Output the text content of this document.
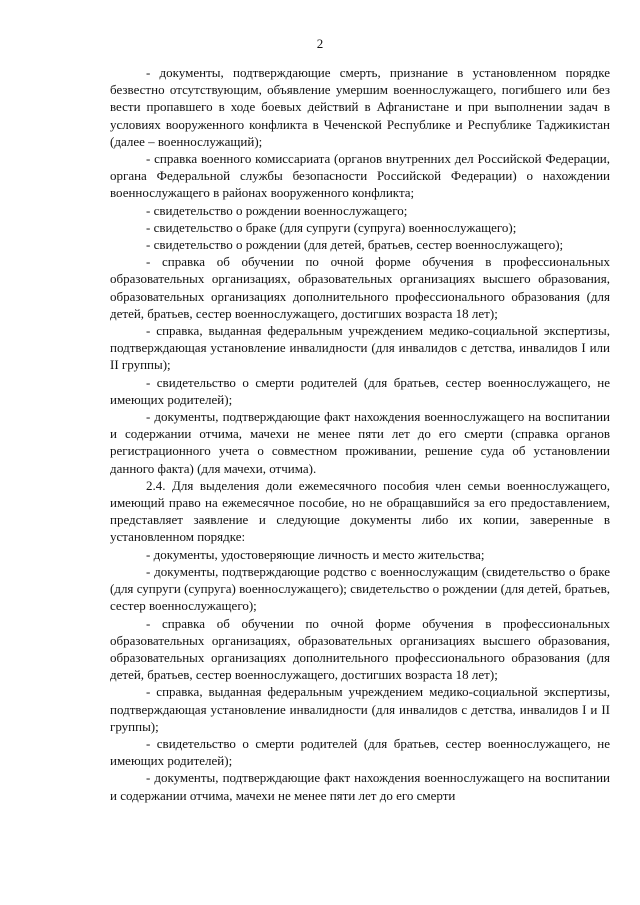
2

- документы, подтверждающие смерть, признание в установленном порядке безвестно отсутствующим, объявление умершим военнослужащего, погибшего или без вести пропавшего в ходе боевых действий в Афганистане и при выполнении задач в условиях вооруженного конфликта в Чеченской Республике и Республике Таджикистан (далее – военнослужащий);

- справка военного комиссариата (органов внутренних дел Российской Федерации, органа Федеральной службы безопасности Российской Федерации) о нахождении военнослужащего в районах вооруженного конфликта;

- свидетельство о рождении военнослужащего;

- свидетельство о браке (для супруги (супруга) военнослужащего);

- свидетельство о рождении (для детей, братьев, сестер военнослужащего);

- справка об обучении по очной форме обучения в профессиональных образовательных организациях, образовательных организациях высшего образования, образовательных организациях дополнительного профессионального образования (для детей, братьев, сестер военнослужащего, достигших возраста 18 лет);

- справка, выданная федеральным учреждением медико-социальной экспертизы, подтверждающая установление инвалидности (для инвалидов с детства, инвалидов I или II группы);

- свидетельство о смерти родителей (для братьев, сестер военнослужащего, не имеющих родителей);

- документы, подтверждающие факт нахождения военнослужащего на воспитании и содержании отчима, мачехи не менее пяти лет до его смерти (справка органов регистрационного учета о совместном проживании, решение суда об установлении данного факта) (для мачехи, отчима).

2.4. Для выделения доли ежемесячного пособия член семьи военнослужащего, имеющий право на ежемесячное пособие, но не обращавшийся за его предоставлением, представляет заявление и следующие документы либо их копии, заверенные в установленном порядке:

- документы, удостоверяющие личность и место жительства;

- документы, подтверждающие родство с военнослужащим (свидетельство о браке (для супруги (супруга) военнослужащего); свидетельство о рождении (для детей, братьев, сестер военнослужащего);

- справка об обучении по очной форме обучения в профессиональных образовательных организациях, образовательных организациях высшего образования, образовательных организациях дополнительного профессионального образования (для детей, братьев, сестер военнослужащего, достигших возраста 18 лет);

- справка, выданная федеральным учреждением медико-социальной экспертизы, подтверждающая установление инвалидности (для инвалидов с детства, инвалидов I и II группы);

- свидетельство о смерти родителей (для братьев, сестер военнослужащего, не имеющих родителей);

- документы, подтверждающие факт нахождения военнослужащего на воспитании и содержании отчима, мачехи не менее пяти лет до его смерти
